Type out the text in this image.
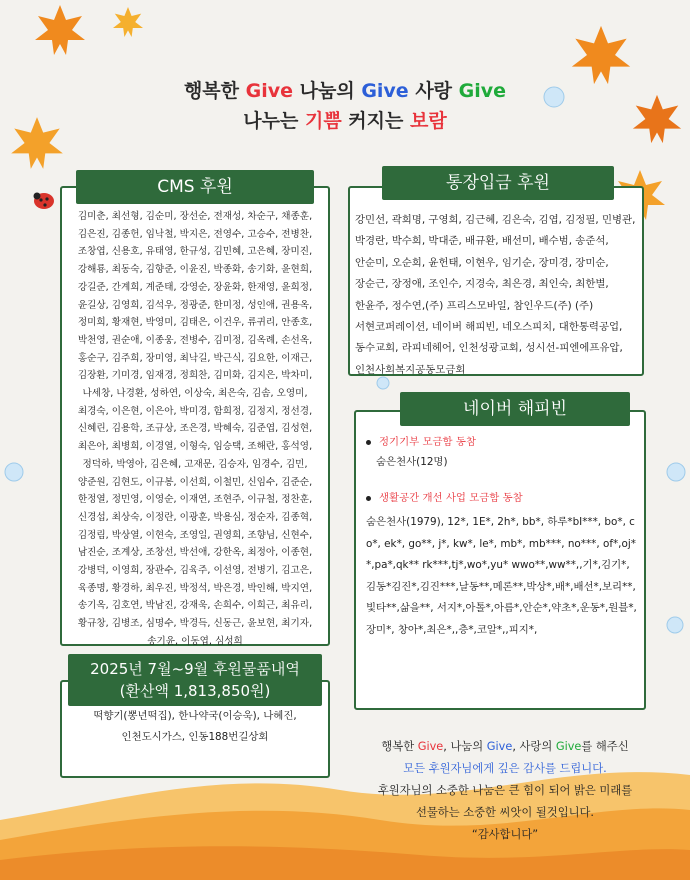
행복한 Give 나눔의 Give 사랑 Give
나누는 기쁨 커지는 보람
CMS 후원
김미춘, 최선형, 김순미, 장선순, 전재성, 차순구, 채종훈, 김은진, 김종헌, 임낙철, 박지은, 전영수, 고승수, 전병찬, 조창엽, 신용호, 유태영, 한규성, 김민혜, 고은혜, 장미진, 강해룡, 최동숙, 김향준, 이윤진, 박종화, 송기화, 윤현희, 강길준, 간계희, 계준태, 강영순, 장윤화, 한재영, 윤희정, 윤길상, 김영희, 김석우, 정광준, 한미정, 성인애, 권용옥, 정미희, 황재현, 박영미, 김태은, 이건우, 류귀리, 안종호, 박천영, 권순애, 이종웅, 전병수, 김미정, 김옥례, 손선옥, 홍순구, 김주희, 장미영, 최낙길, 박근식, 김요한, 이재근, 김장환, 기미경, 임재경, 정희찬, 김미화, 김지은, 박차미, 나세창, 나경환, 성하연, 이상숙, 최은숙, 김솜, 오영미, 최경숙, 이은현, 이은아, 박미경, 함희정, 김정지, 정선경, 신혜린, 김용학, 조규상, 조은경, 박혜숙, 김준엽, 김성현, 최은아, 최병희, 이경열, 이형숙, 임승택, 조해란, 홍석영, 정덕하, 박영아, 김은혜, 고재문, 김승자, 임경수, 김민, 양준원, 김현도, 이규봉, 이선희, 이철민, 신임수, 김준순, 한정열, 정민영, 이영순, 이재연, 조현주, 이규철, 정찬훈, 신경섭, 최상숙, 이정란, 이광훈, 박용심, 정순자, 김종혁, 김정림, 박상열, 이현숙, 조영일, 권영희, 조향님, 신현수, 남진순, 조계상, 조창선, 박선애, 강한옥, 최정아, 이종현, 강병덕, 이영희, 장관수, 김육주, 이선영, 전병기, 김고은, 육종명, 황경하, 최우진, 박정석, 박은경, 박인해, 박지연, 송기옥, 김호연, 박남진, 강재욱, 손희수, 이희근, 최유리, 황규창, 김병조, 심명수, 박경득, 신동근, 윤보현, 최기자, 송기윤, 이동엽, 심성희
통장입금 후원
강민선, 곽희명, 구영희, 김근혜, 김은숙, 김엽, 김정필, 민병관, 박경란, 박수희, 박대준, 배규환, 배선미, 배수범, 송준석, 안순미, 오순희, 윤헌태, 이현우, 임기순, 장미경, 장미순, 장순근, 장정애, 조인수, 지경숙, 최은경, 최인숙, 최한별, 한윤주, 정수연,(주) 프리스모바일, 참인우드(주) (주)서현코퍼레이션, 네이버 해피빈, 네오스피치, 대한통력공업, 동수교회, 라피네헤어, 인천성광교회, 성시선-피엔에프유압, 인천사회복지공동모금회
네이버 해피빈
정기기부 모금함 동참
숨은천사(12명)
생활공간 개선 사업 모금함 동참
숨은천사(1979), 12*, 1E*, 2h*, bb*, 하루*bI***, bo*, co*, ek*, go**, j*, kw*, le*, mb*, mb***, no***, of*,oj**,pa*,qk** rk***,tj*,wo*,yu* wwo**,ww**,,기*,김기*,김동*김진*,김진***,날동**,메론**,박상*,배*,배선*,보리**,빛타**,삶을**, 서지*,아톨*,아름*,안순*,약초*,운동*,원블*,장미*, 창아*,최은*,,층*,코알*,,피지*,
2025년 7월~9월 후원물품내역
(환산액 1,813,850원)
떡향기(뽕년떡집), 한나약국(이승욱), 나혜진,
인천도시가스, 인동188번길상회
행복한 Give, 나눔의 Give, 사랑의 Give를 해주신
모든 후원자님에게 깊은 감사를 드립니다.
후원자님의 소중한 나눔은 큰 힘이 되어 밝은 미래를
선물하는 소중한 씨앗이 될것입니다.
“감사합니다”
